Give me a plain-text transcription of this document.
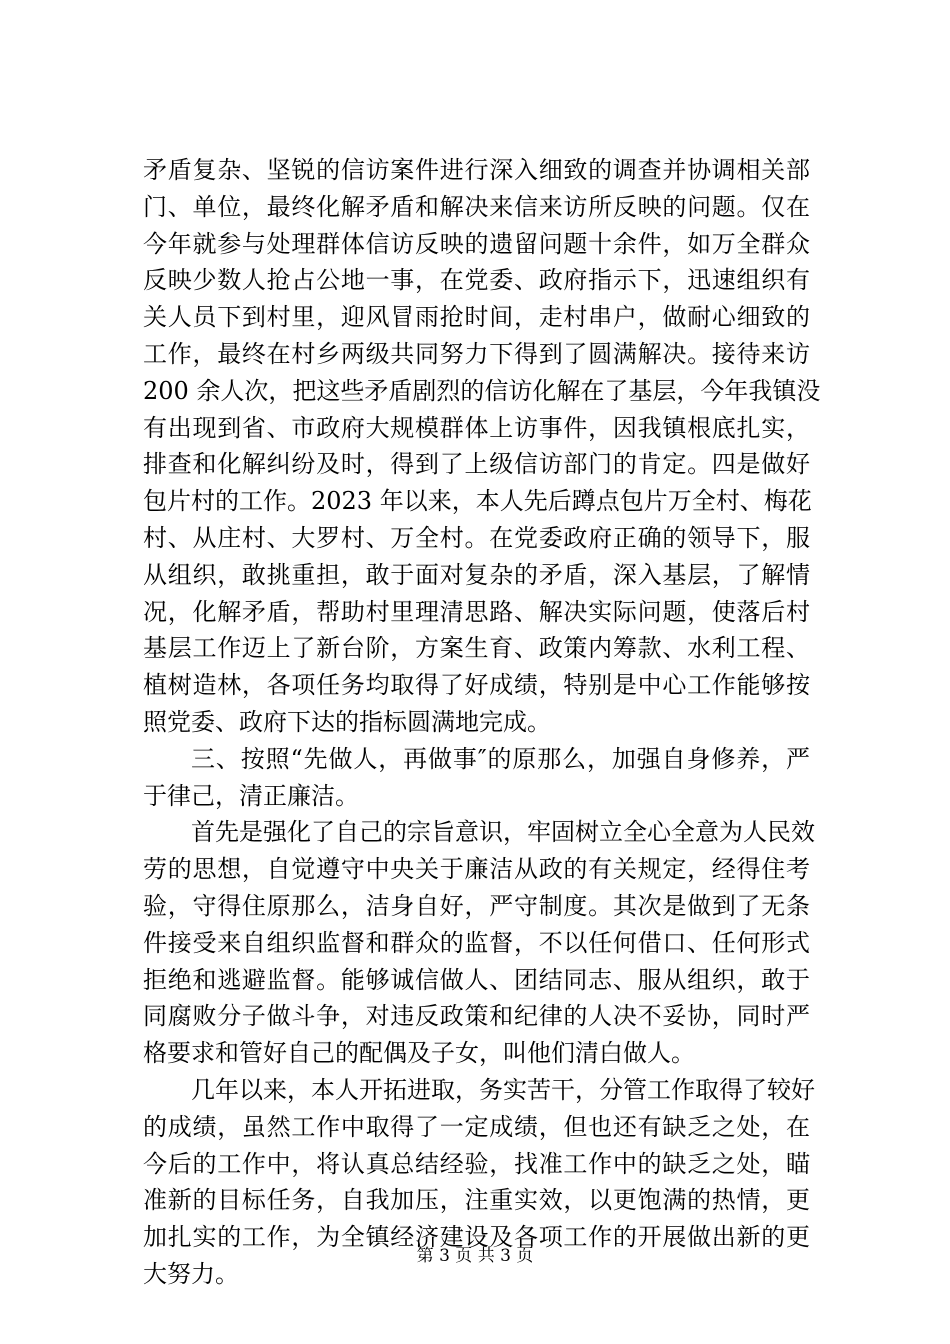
矛盾复杂、坚锐的信访案件进行深入细致的调查并协调相关部
门、单位，最终化解矛盾和解决来信来访所反映的问题。仅在
今年就参与处理群体信访反映的遗留问题十余件，如万全群众
反映少数人抢占公地一事，在党委、政府指示下，迅速组织有
关人员下到村里，迎风冒雨抢时间，走村串户，做耐心细致的
工作，最终在村乡两级共同努力下得到了圆满解决。接待来访
200 余人次，把这些矛盾剧烈的信访化解在了基层，今年我镇没
有出现到省、市政府大规模群体上访事件，因我镇根底扎实，
排查和化解纠纷及时，得到了上级信访部门的肯定。四是做好
包片村的工作。2023 年以来，本人先后蹲点包片万全村、梅花
村、从庄村、大罗村、万全村。在党委政府正确的领导下，服
从组织，敢挑重担，敢于面对复杂的矛盾，深入基层，了解情
况，化解矛盾，帮助村里理清思路、解决实际问题，使落后村
基层工作迈上了新台阶，方案生育、政策内筹款、水利工程、
植树造林，各项任务均取得了好成绩，特别是中心工作能够按
照党委、政府下达的指标圆满地完成。
三、按照“先做人，再做事″的原那么，加强自身修养，严
于律己，清正廉洁。
首先是强化了自己的宗旨意识，牢固树立全心全意为人民效
劳的思想，自觉遵守中央关于廉洁从政的有关规定，经得住考
验，守得住原那么，洁身自好，严守制度。其次是做到了无条
件接受来自组织监督和群众的监督，不以任何借口、任何形式
拒绝和逃避监督。能够诚信做人、团结同志、服从组织，敢于
同腐败分子做斗争，对违反政策和纪律的人决不妥协，同时严
格要求和管好自己的配偶及子女，叫他们清白做人。
几年以来，本人开拓进取，务实苦干，分管工作取得了较好
的成绩，虽然工作中取得了一定成绩，但也还有缺乏之处，在
今后的工作中，将认真总结经验，找准工作中的缺乏之处，瞄
准新的目标任务，自我加压，注重实效，以更饱满的热情，更
加扎实的工作，为全镇经济建设及各项工作的开展做出新的更
大努力。
第 3 页 共 3 页
